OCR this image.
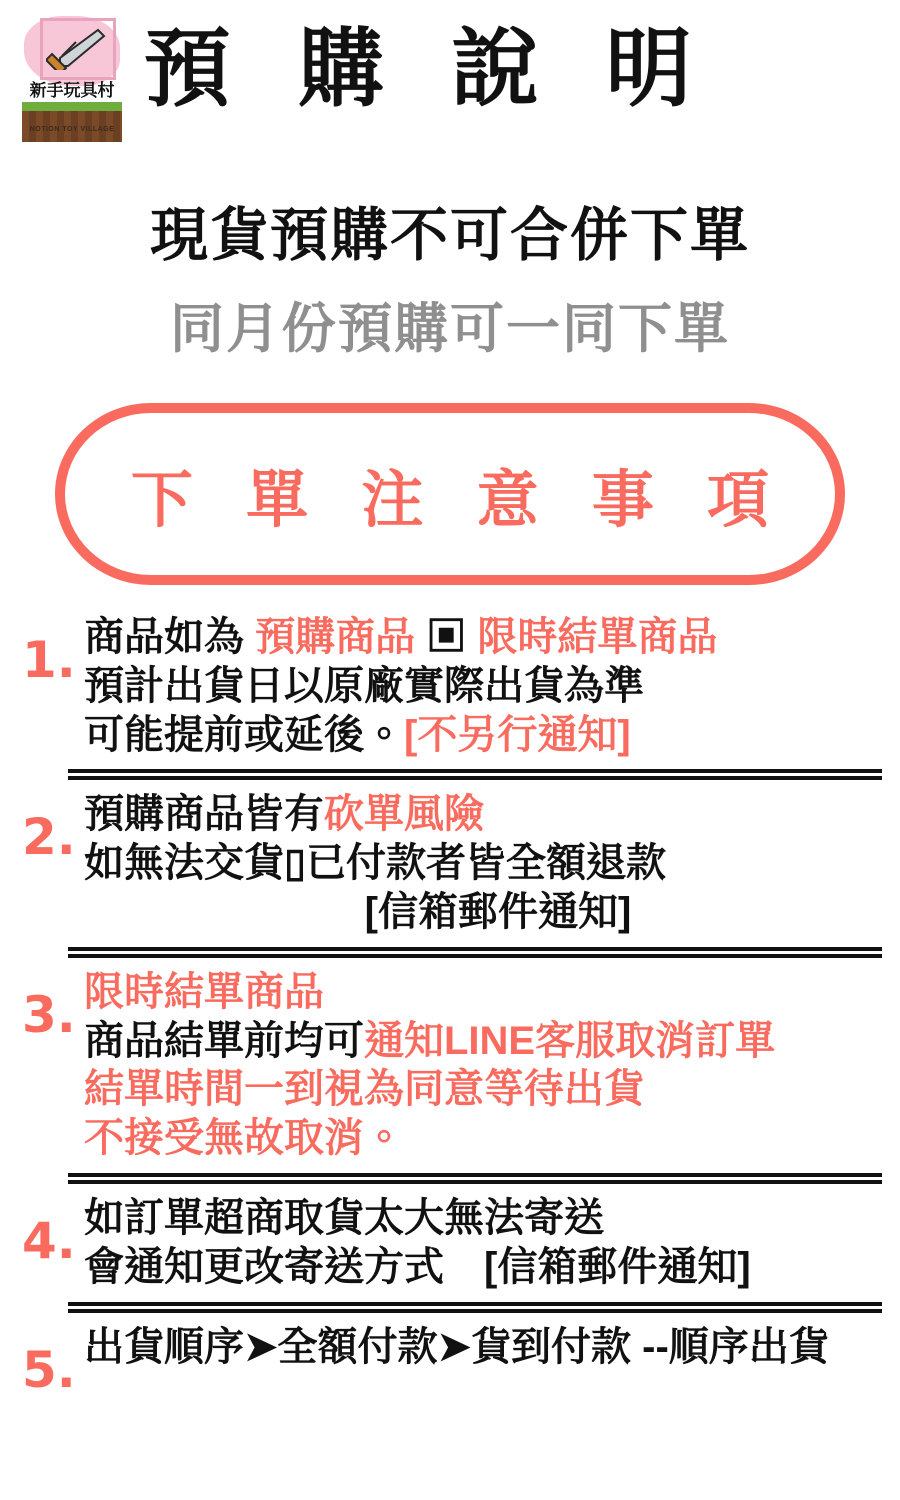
新手玩具村
NOTION TOY VILLAGE
預 購 說 明
現貨預購不可合併下單
同月份預購可一同下單
下 單 注 意 事 項
1. 商品如為 預購商品 ▣ 限時結單商品
預計出貨日以原廠實際出貨為準
可能提前或延後。[不另行通知]
2. 預購商品皆有砍單風險
如無法交貨▯已付款者皆全額退款
[信箱郵件通知]
3. 限時結單商品
商品結單前均可通知LINE客服取消訂單
結單時間一到視為同意等待出貨
不接受無故取消。
4. 如訂單超商取貨太大無法寄送
會通知更改寄送方式　[信箱郵件通知]
5. 出貨順序➤全額付款➤貨到付款 --順序出貨
